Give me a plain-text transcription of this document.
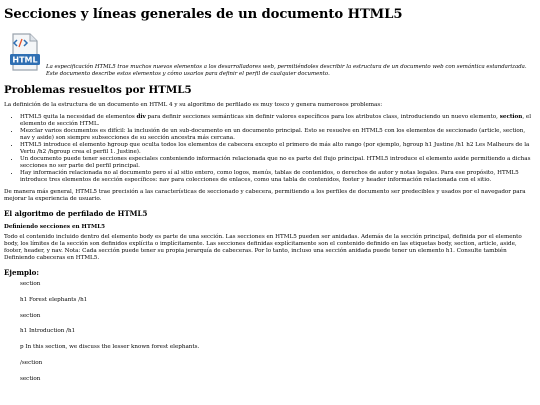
Secciones y líneas generales de un documento HTML5
HTML

La especificación HTML5 trae muchos nuevos elementos a los desarrolladores web, permitiéndoles describir la estructura de un documento web con semántica estandarizada. Este documento describe estos elementos y cómo usarlos para definir el perfil de cualquier documento.

Problemas resueltos por HTML5

La definición de la estructura de un documento en HTML 4 y su algoritmo de perfilado es muy tosco y genera numerosos problemas:

• HTML5 quita la necesidad de elementos div para definir secciones semánticas sin definir valores específicos para los atributos class, introduciendo un nuevo elemento, section, el elemento de sección HTML.
• Mezclar varios documentos es difícil: la inclusión de un sub-documento en un documento principal. Esto se resuelve en HTML5 con los elementos de seccionado (article, section, nav y aside) son siempre subsecciones de su sección ancestra más cercana.
• HTML5 introduce el elemento hgroup que oculta todos los elementos de cabecera excepto el primero de más alto rango (por ejemplo, hgroup h1 Justine /h1 h2 Les Malheurs de la Vertu /h2 /hgroup crea el perfil 1. Justine).
• Un documento puede tener secciones especiales conteniendo información relacionada que no es parte del flujo principal. HTML5 introduce el elemento aside permitiendo a dichas secciones no ser parte del perfil principal.
• Hay información relacionada no al documento pero sí al sitio entero, como logos, menús, tablas de contenidos, o derechos de autor y notas legales. Para ese propósito, HTML5 introduce tres elementos de sección específicos: nav para colecciones de enlaces, como una tabla de contenidos, footer y header información relacionada con el sitio.

De manera más general, HTML5 trae precisión a las características de seccionado y cabecera, permitiendo a los perfiles de documento ser predecibles y usados por el navegador para mejorar la experiencia de usuario.

El algoritmo de perfilado de HTML5
Definiendo secciones en HTML5

Todo el contenido incluido dentro del elemento body es parte de una sección. Las secciones en HTML5 pueden ser anidadas. Además de la sección principal, definida por el elemento body, los límites de la sección son definidos explícita o implícitamente. Las secciones definidas explícitamente son el contenido definido en las etiquetas body, section, article, aside, footer, header, y nav. Nota: Cada sección puede tener su propia jerarquía de cabeceras. Por lo tanto, incluso una sección anidada puede tener un elemento h1. Consulte también Definiendo cabeceras en HTML5.

Ejemplo:
section
h1 Forest elephants /h1
section
h1 Introduction /h1
p In this section, we discuss the lesser known forest elephants.
/section
section
